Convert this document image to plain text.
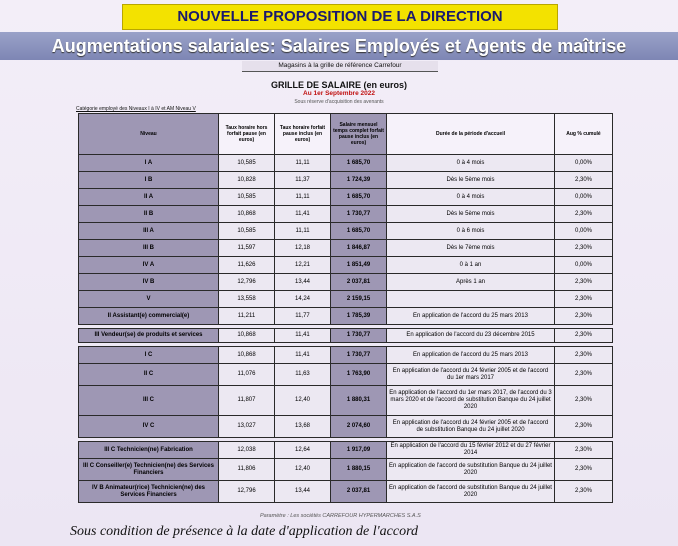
NOUVELLE PROPOSITION DE LA DIRECTION
Augmentations salariales: Salaires Employés et Agents de maîtrise
Magasins à la grille de référence Carrefour
GRILLE DE SALAIRE (en euros)
Au 1er Septembre 2022
Sous réserve d'acquisition des avenants
Catégorie employé des Niveaux I à IV et AM Niveau V
Niveau	Taux horaire hors forfait pause (en euros)	Taux horaire forfait pause inclus (en euros)	Salaire mensuel temps complet forfait pause inclus (en euros)	Durée de la période d'accueil	Aug % cumulé
I A	10,585	11,11	1 685,70	0 à 4 mois	0,00%
I B	10,828	11,37	1 724,39	Dès le 5ème mois	2,30%
II A	10,585	11,11	1 685,70	0 à 4 mois	0,00%
II B	10,868	11,41	1 730,77	Dès le 5ème mois	2,30%
III A	10,585	11,11	1 685,70	0 à 6 mois	0,00%
III B	11,597	12,18	1 846,87	Dès le 7ème mois	2,30%
IV A	11,626	12,21	1 851,49	0 à 1 an	0,00%
IV B	12,796	13,44	2 037,81	Après 1 an	2,30%
V	13,558	14,24	2 159,15		2,30%
II Assistant(e) commercial(e)	11,211	11,77	1 785,39	En application de l'accord du 25 mars 2013	2,30%

III Vendeur(se) de produits et services	10,868	11,41	1 730,77	En application de l'accord du 23 décembre 2015	2,30%

I C	10,868	11,41	1 730,77	En application de l'accord du 25 mars 2013	2,30%
II C	11,076	11,63	1 763,90	En application de l'accord du 24 février 2005 et de l'accord du 1er mars 2017	2,30%
III C	11,807	12,40	1 880,31	En application de l'accord du 1er mars 2017, de l'accord du 3 mars 2020 et de l'accord de substitution Banque du 24 juillet 2020	2,30%
IV C	13,027	13,68	2 074,60	En application de l'accord du 24 février 2005 et de l'accord de substitution Banque du 24 juillet 2020	2,30%

III C Technicien(ne) Fabrication	12,038	12,64	1 917,09	En application de l'accord du 15 février 2012 et du 27 février 2014	2,30%
III C Conseiller(e) Technicien(ne) des Services Financiers	11,806	12,40	1 880,15	En application de l'accord de substitution Banque du 24 juillet 2020	2,30%
IV B Animateur(rice) Technicien(ne) des Services Financiers	12,796	13,44	2 037,81	En application de l'accord de substitution Banque du 24 juillet 2020	2,30%
Paramètre : Les sociétés CARREFOUR HYPERMARCHES S.A.S
Sous condition de présence à la date d'application de l'accord
